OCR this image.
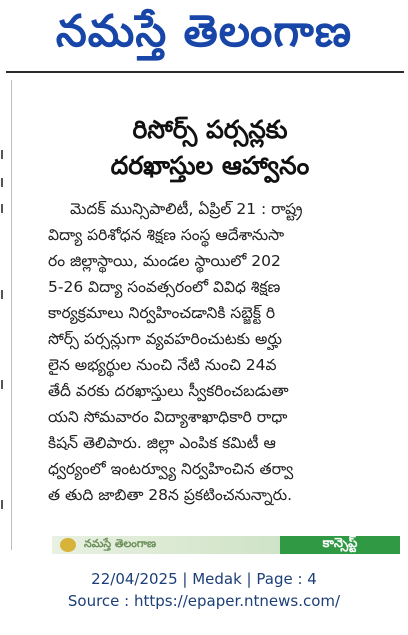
నమస్తే తెలంగాణ
రిసోర్స్ పర్సన్లకు
దరఖాస్తుల ఆహ్వానం
మెదక్ మున్సిపాలిటీ, ఏప్రిల్ 21 : రాష్ట్ర
విద్యా పరిశోధన శిక్షణ సంస్థ ఆదేశానుసా
రం జిల్లాస్థాయి, మండల స్థాయిలో 202
5-26 విద్యా సంవత్సరంలో వివిధ శిక్షణ
కార్యక్రమాలు నిర్వహించడానికి సబ్జెక్ట్ రి
సోర్స్ పర్సన్లుగా వ్యవహరించుటకు అర్హు
లైన అభ్యర్థుల నుంచి నేటి నుంచి 24వ
తేదీ వరకు దరఖాస్తులు స్వీకరించబడుతా
యని సోమవారం విద్యాశాఖాధికారి రాధా
కిషన్ తెలిపారు. జిల్లా ఎంపిక కమిటీ ఆ
ధ్వర్యంలో ఇంటర్వ్యూ నిర్వహించిన తర్వా
త తుది జాబితా 28న ప్రకటించనున్నారు.
నమస్తే తెలంగాణ	కాన్సెప్ట్
22/04/2025 | Medak | Page : 4
Source : https://epaper.ntnews.com/
